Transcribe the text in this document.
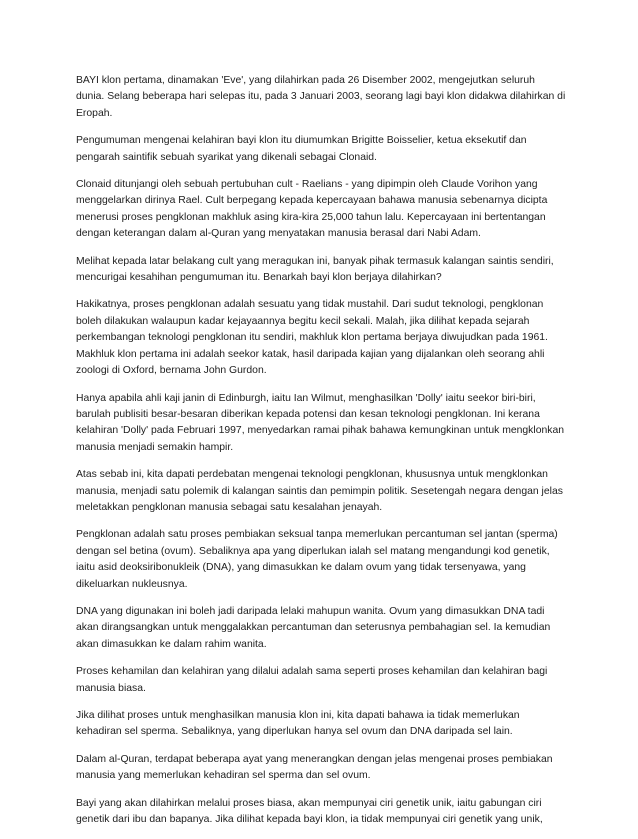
BAYI klon pertama, dinamakan 'Eve', yang dilahirkan pada 26 Disember 2002, mengejutkan seluruh dunia. Selang beberapa hari selepas itu, pada 3 Januari 2003, seorang lagi bayi klon didakwa dilahirkan di Eropah.

Pengumuman mengenai kelahiran bayi klon itu diumumkan Brigitte Boisselier, ketua eksekutif dan pengarah saintifik sebuah syarikat yang dikenali sebagai Clonaid.

Clonaid ditunjangi oleh sebuah pertubuhan cult - Raelians - yang dipimpin oleh Claude Vorihon yang menggelarkan dirinya Rael. Cult berpegang kepada kepercayaan bahawa manusia sebenarnya dicipta menerusi proses pengklonan makhluk asing kira-kira 25,000 tahun lalu. Kepercayaan ini bertentangan dengan keterangan dalam al-Quran yang menyatakan manusia berasal dari Nabi Adam.

Melihat kepada latar belakang cult yang meragukan ini, banyak pihak termasuk kalangan saintis sendiri, mencurigai kesahihan pengumuman itu. Benarkah bayi klon berjaya dilahirkan?

Hakikatnya, proses pengklonan adalah sesuatu yang tidak mustahil. Dari sudut teknologi, pengklonan boleh dilakukan walaupun kadar kejayaannya begitu kecil sekali. Malah, jika dilihat kepada sejarah perkembangan teknologi pengklonan itu sendiri, makhluk klon pertama berjaya diwujudkan pada 1961. Makhluk klon pertama ini adalah seekor katak, hasil daripada kajian yang dijalankan oleh seorang ahli zoologi di Oxford, bernama John Gurdon.

Hanya apabila ahli kaji janin di Edinburgh, iaitu Ian Wilmut, menghasilkan 'Dolly' iaitu seekor biri-biri, barulah publisiti besar-besaran diberikan kepada potensi dan kesan teknologi pengklonan. Ini kerana kelahiran 'Dolly' pada Februari 1997, menyedarkan ramai pihak bahawa kemungkinan untuk mengklonkan manusia menjadi semakin hampir.

Atas sebab ini, kita dapati perdebatan mengenai teknologi pengklonan, khususnya untuk mengklonkan manusia, menjadi satu polemik di kalangan saintis dan pemimpin politik. Sesetengah negara dengan jelas meletakkan pengklonan manusia sebagai satu kesalahan jenayah.

Pengklonan adalah satu proses pembiakan seksual tanpa memerlukan percantuman sel jantan (sperma) dengan sel betina (ovum). Sebaliknya apa yang diperlukan ialah sel matang mengandungi kod genetik, iaitu asid deoksiribonukleik (DNA), yang dimasukkan ke dalam ovum yang tidak tersenyawa, yang dikeluarkan nukleusnya.

DNA yang digunakan ini boleh jadi daripada lelaki mahupun wanita. Ovum yang dimasukkan DNA tadi akan dirangsangkan untuk menggalakkan percantuman dan seterusnya pembahagian sel. Ia kemudian akan dimasukkan ke dalam rahim wanita.

Proses kehamilan dan kelahiran yang dilalui adalah sama seperti proses kehamilan dan kelahiran bagi manusia biasa.

Jika dilihat proses untuk menghasilkan manusia klon ini, kita dapati bahawa ia tidak memerlukan kehadiran sel sperma. Sebaliknya, yang diperlukan hanya sel ovum dan DNA daripada sel lain.

Dalam al-Quran, terdapat beberapa ayat yang menerangkan dengan jelas mengenai proses pembiakan manusia yang memerlukan kehadiran sel sperma dan sel ovum.

Bayi yang akan dilahirkan melalui proses biasa, akan mempunyai ciri genetik unik, iaitu gabungan ciri genetik dari ibu dan bapanya. Jika dilihat kepada bayi klon, ia tidak mempunyai ciri genetik yang unik,
